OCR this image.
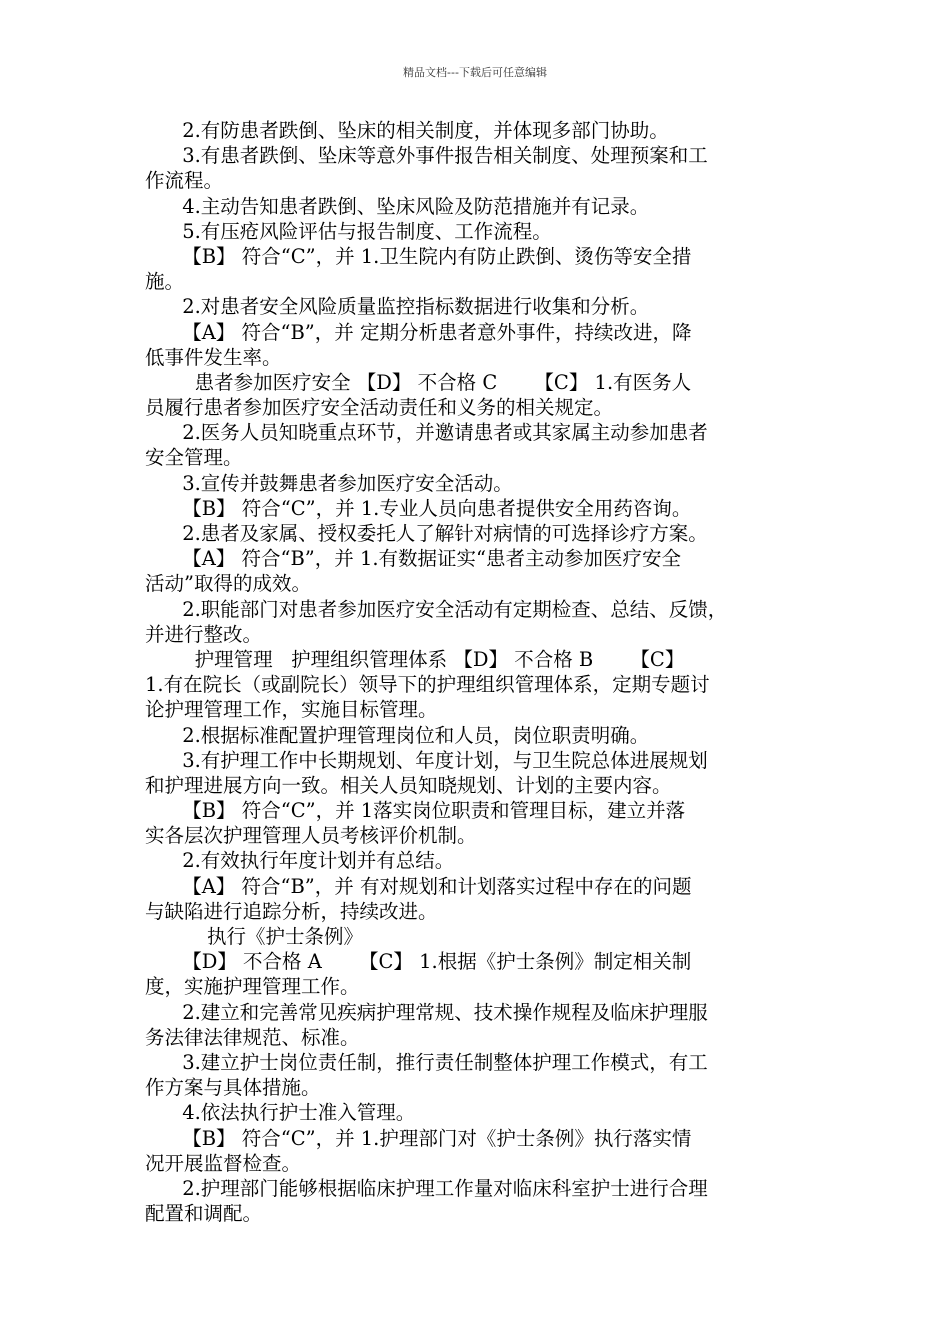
精品文档---下载后可任意编辑
2.有防患者跌倒、坠床的相关制度，并体现多部门协助。
3.有患者跌倒、坠床等意外事件报告相关制度、处理预案和工
作流程。
4.主动告知患者跌倒、坠床风险及防范措施并有记录。
5.有压疮风险评估与报告制度、工作流程。
【B】 符合“C”，并 1.卫生院内有防止跌倒、烫伤等安全措
施。
2.对患者安全风险质量监控指标数据进行收集和分析。
【A】 符合“B”，并 定期分析患者意外事件，持续改进，降
低事件发生率。
患者参加医疗安全 【D】 不合格 C      【C】 1.有医务人
员履行患者参加医疗安全活动责任和义务的相关规定。
2.医务人员知晓重点环节，并邀请患者或其家属主动参加患者
安全管理。
3.宣传并鼓舞患者参加医疗安全活动。
【B】 符合“C”，并 1.专业人员向患者提供安全用药咨询。
2.患者及家属、授权委托人了解针对病情的可选择诊疗方案。
【A】 符合“B”，并 1.有数据证实“患者主动参加医疗安全
活动”取得的成效。
2.职能部门对患者参加医疗安全活动有定期检查、总结、反馈，
并进行整改。
护理管理   护理组织管理体系 【D】 不合格 B      【C】
1.有在院长（或副院长）领导下的护理组织管理体系，定期专题讨
论护理管理工作，实施目标管理。
2.根据标准配置护理管理岗位和人员，岗位职责明确。
3.有护理工作中长期规划、年度计划，与卫生院总体进展规划
和护理进展方向一致。相关人员知晓规划、计划的主要内容。
【B】 符合“C”，并 1落实岗位职责和管理目标，建立并落
实各层次护理管理人员考核评价机制。
2.有效执行年度计划并有总结。
【A】 符合“B”，并 有对规划和计划落实过程中存在的问题
与缺陷进行追踪分析，持续改进。
执行《护士条例》
【D】 不合格 A      【C】 1.根据《护士条例》制定相关制
度，实施护理管理工作。
2.建立和完善常见疾病护理常规、技术操作规程及临床护理服
务法律法律规范、标准。
3.建立护士岗位责任制，推行责任制整体护理工作模式，有工
作方案与具体措施。
4.依法执行护士准入管理。
【B】 符合“C”，并 1.护理部门对《护士条例》执行落实情
况开展监督检查。
2.护理部门能够根据临床护理工作量对临床科室护士进行合理
配置和调配。
